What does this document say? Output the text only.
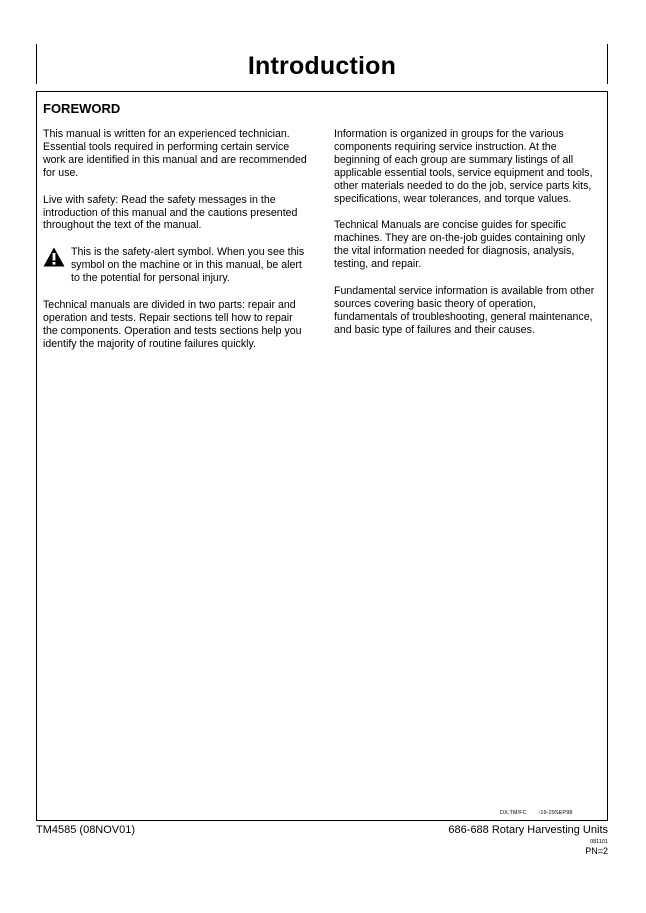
Introduction
FOREWORD

This manual is written for an experienced technician. Essential tools required in performing certain service work are identified in this manual and are recommended for use.

Live with safety: Read the safety messages in the introduction of this manual and the cautions presented throughout the text of the manual.

This is the safety-alert symbol. When you see this symbol on the machine or in this manual, be alert to the potential for personal injury.

Technical manuals are divided in two parts: repair and operation and tests. Repair sections tell how to repair the components. Operation and tests sections help you identify the majority of routine failures quickly.

Information is organized in groups for the various components requiring service instruction. At the beginning of each group are summary listings of all applicable essential tools, service equipment and tools, other materials needed to do the job, service parts kits, specifications, wear tolerances, and torque values.

Technical Manuals are concise guides for specific machines. They are on-the-job guides containing only the vital information needed for diagnosis, analysis, testing, and repair.

Fundamental service information is available from other sources covering basic theory of operation, fundamentals of troubleshooting, general maintenance, and basic type of failures and their causes.

DX,TM/FC -19-29SEP98
TM4585 (08NOV01)	686-688 Rotary Harvesting Units
081101
PN=2
